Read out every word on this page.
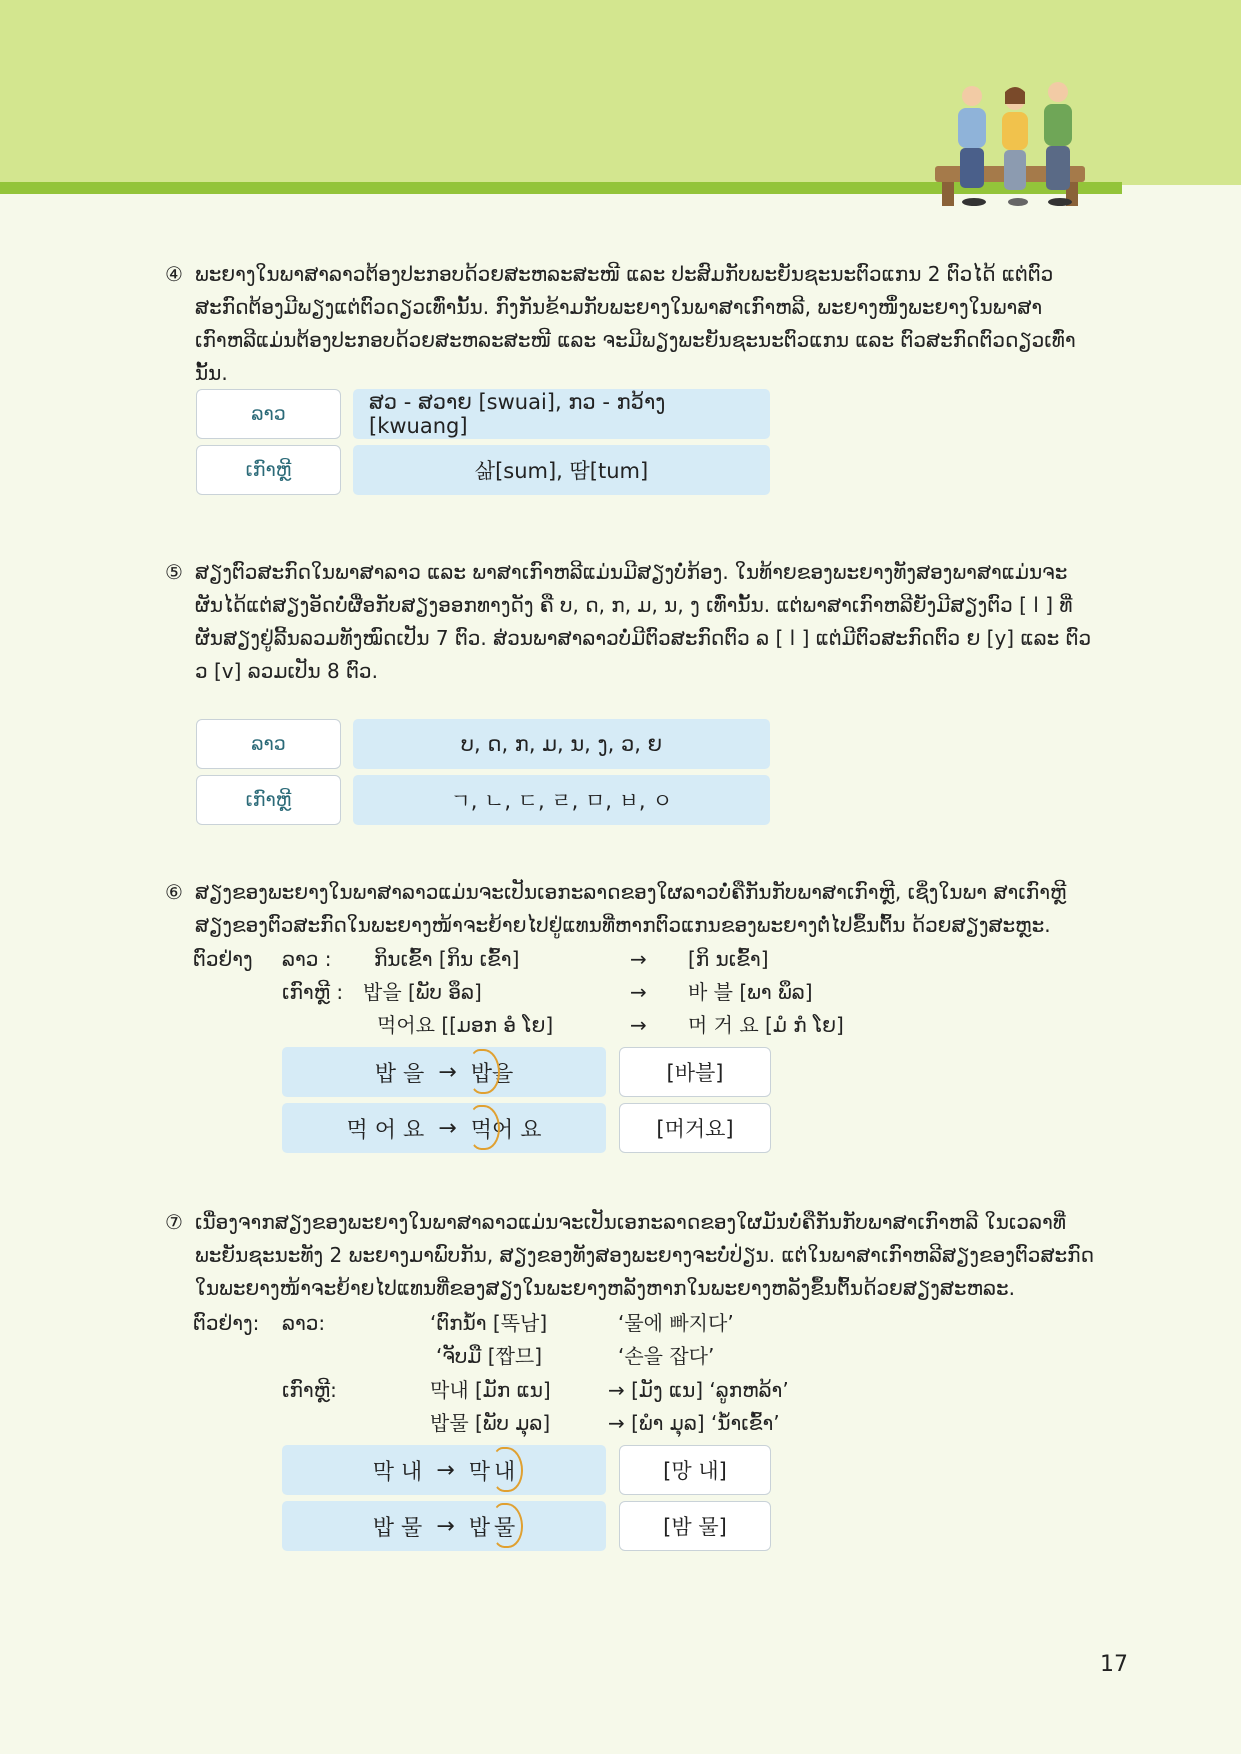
④ ພະຍາງໃນພາສາລາວຕ້ອງປະກອບດ້ວຍສະຫລະສະໜີ ແລະ ປະສົມກັບພະຍັນຊະນະຕົວແກນ 2 ຕົວໄດ້ ແຕ່ຕົວສະກົດຕ້ອງມີພຽງແຕ່ຕົວດຽວເທົ່ານັ້ນ. ກົງກັນຂ້າມກັບພະຍາງໃນພາສາເກົາຫລີ, ພະຍາງໜຶ່ງພະຍາງໃນພາສາເກົາຫລີແມ່ນຕ້ອງປະກອບດ້ວຍສະຫລະສະໜີ ແລະ ຈະມີພຽງພະຍັນຊະນະຕົວແກນ ແລະ ຕົວສະກົດຕົວດຽວເທົ່ານັ້ນ.
ລາວ	ສວ - ສວາຍ [swuai], ກວ - ກວ້າງ [kwuang]
ເກົາຫຼີ	삶[sum], 땀[tum]
⑤ ສຽງຕົວສະກົດໃນພາສາລາວ ແລະ ພາສາເກົາຫລີແມ່ນມີສຽງບໍ່ກ້ອງ. ໃນທ້າຍຂອງພະຍາງທັງສອງພາສາແມ່ນຈະຜັນໄດ້ແຕ່ສຽງອັດບໍ່ຜື່ອກັບສຽງອອກທາງດັງ ຄື ບ, ດ, ກ, ມ, ນ, ງ ເທົ່ານັ້ນ. ແຕ່ພາສາເກົາຫລີຍັງມີສຽງຕົວ [ l ] ທີ່ຜັນສຽງຢູ່ລີ້ນລວມທັງໝົດເປັນ 7 ຕົວ. ສ່ວນພາສາລາວບໍ່ມີຕົວສະກົດຕົວ ລ [ l ] ແຕ່ມີຕົວສະກົດຕົວ ຍ [y] ແລະ ຕົວ ວ [v] ລວມເປັນ 8 ຕົວ.
ລາວ	ບ, ດ, ກ, ມ, ນ, ງ, ວ, ຍ
ເກົາຫຼີ	ㄱ, ㄴ, ㄷ, ㄹ, ㅁ, ㅂ, ㅇ
⑥ ສຽງຂອງພະຍາງໃນພາສາລາວແມ່ນຈະເປັນເອກະລາດຂອງໃຜລາວບໍ່ຄືກັນກັບພາສາເກົາຫຼີ, ເຊິ່ງໃນພາ ສາເກົາຫຼີສຽງຂອງຕົວສະກົດໃນພະຍາງໜ້າຈະຍ້າຍໄປຢູ່ແທນທີ່ຫາກຕົວແກນຂອງພະຍາງຕໍ່ໄປຂຶ້ນຕົ້ນ ດ້ວຍສຽງສະຫຼະ.
ຕົວຢ່າງ ລາວ : ກິນເຂົ້າ [ກິນ ເຂົ້າ]	→ [ກິ ນເຂົ້າ]
ເກົາຫຼີ : 밥을 [ພັບ ອຶລ]	→ 바 블 [ພາ ພຶລ]
먹어요 [[ມອກ ອໍ ໂຍ]	→ 머 거 요 [ມໍ ກໍ ໂຍ]
밥 을 → 밥 을	[바블]
먹 어 요 → 먹 어 요	[머거요]
⑦ ເນື່ອງຈາກສຽງຂອງພະຍາງໃນພາສາລາວແມ່ນຈະເປັນເອກະລາດຂອງໃຜມັນບໍ່ຄືກັນກັບພາສາເກົາຫລີ ໃນເວລາທີ່ພະຍັນຊະນະທັງ 2 ພະຍາງມາພົບກັນ, ສຽງຂອງທັງສອງພະຍາງຈະບໍ່ປ່ຽນ. ແຕ່ໃນພາສາເກົາຫລີສຽງຂອງຕົວສະກົດໃນພະຍາງໜ້າຈະຍ້າຍໄປແທນທີ່ຂອງສຽງໃນພະຍາງຫລັງຫາກໃນພະຍາງຫລັງຂຶ້ນຕົ້ນດ້ວຍສຽງສະຫລະ.
ຕົວຢ່າງ: ລາວ:	‘ຕົກນ້ຳ [똑남]	‘물에 빠지다’
‘ຈັບມື [짭므]	‘손을 잡다’
ເກົາຫຼີ:	막내 [ມັກ ແນ]	→ [ມັງ ແນ] ‘ລູກຫລ້າ’
밥물 [ພັບ ມຸລ]	→ [ພໍາ ມຸລ] ‘ນ້ຳເຂົ້າ’
막 내 → 막 내	[망 내]
밥 물 → 밥 물	[밤 물]
17
